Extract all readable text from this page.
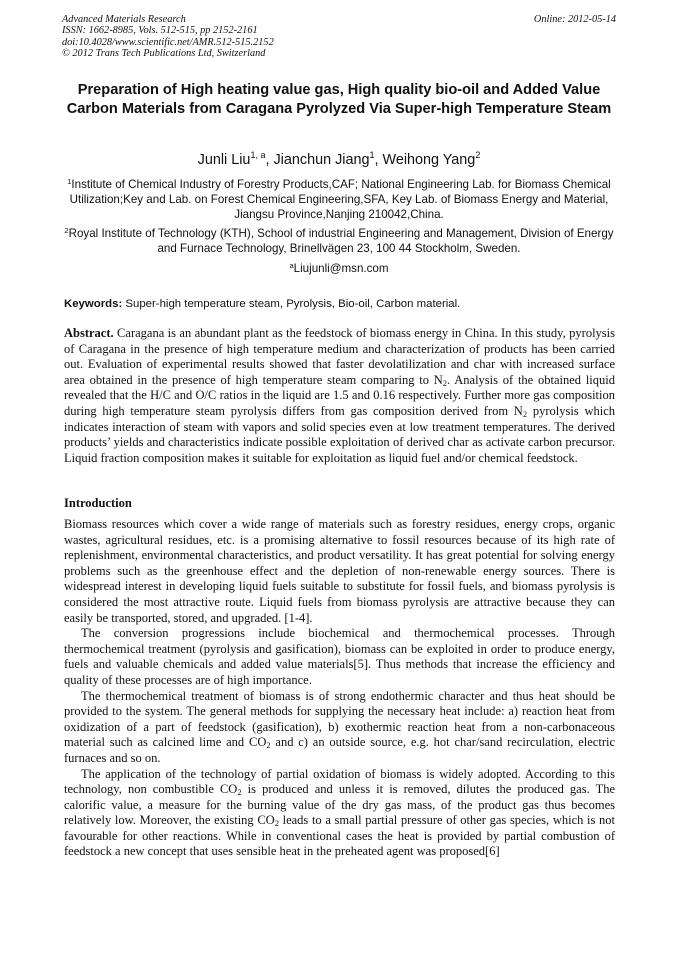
Advanced Materials Research
ISSN: 1662-8985, Vols. 512-515, pp 2152-2161
doi:10.4028/www.scientific.net/AMR.512-515.2152
© 2012 Trans Tech Publications Ltd, Switzerland
Online: 2012-05-14
Preparation of High heating value gas, High quality bio-oil and Added Value Carbon Materials from Caragana Pyrolyzed Via Super-high Temperature Steam
Junli Liu$^{1, a}$, Jianchun Jiang$^1$, Weihong Yang$^2$
$^1$Institute of Chemical Industry of Forestry Products,CAF; National Engineering Lab. for Biomass Chemical Utilization;Key and Lab. on Forest Chemical Engineering,SFA, Key Lab. of Biomass Energy and Material, Jiangsu Province,Nanjing 210042,China.
$^2$Royal Institute of Technology (KTH), School of industrial Engineering and Management, Division of Energy and Furnace Technology, Brinellvägen 23, 100 44 Stockholm, Sweden.
$^a$Liujunli@msn.com
Keywords: Super-high temperature steam, Pyrolysis, Bio-oil, Carbon material.
Abstract. Caragana is an abundant plant as the feedstock of biomass energy in China. In this study, pyrolysis of Caragana in the presence of high temperature medium and characterization of products has been carried out. Evaluation of experimental results showed that faster devolatilization and char with increased surface area obtained in the presence of high temperature steam comparing to $N_2$. Analysis of the obtained liquid revealed that the H/C and O/C ratios in the liquid are 1.5 and 0.16 respectively. Further more gas composition during high temperature steam pyrolysis differs from gas composition derived from $N_2$ pyrolysis which indicates interaction of steam with vapors and solid species even at low treatment temperatures. The derived products’ yields and characteristics indicate possible exploitation of derived char as activate carbon precursor. Liquid fraction composition makes it suitable for exploitation as liquid fuel and/or chemical feedstock.
Introduction

Biomass resources which cover a wide range of materials such as forestry residues, energy crops, organic wastes, agricultural residues, etc. is a promising alternative to fossil resources because of its high rate of replenishment, environmental characteristics, and product versatility. It has great potential for solving energy problems such as the greenhouse effect and the depletion of non-renewable energy sources. There is widespread interest in developing liquid fuels suitable to substitute for fossil fuels, and biomass pyrolysis is considered the most attractive route. Liquid fuels from biomass pyrolysis are attractive because they can easily be transported, stored, and upgraded. [1-4].

The conversion progressions include biochemical and thermochemical processes. Through thermochemical treatment (pyrolysis and gasification), biomass can be exploited in order to produce energy, fuels and valuable chemicals and added value materials[5]. Thus methods that increase the efficiency and quality of these processes are of high importance.

The thermochemical treatment of biomass is of strong endothermic character and thus heat should be provided to the system. The general methods for supplying the necessary heat include: a) reaction heat from oxidization of a part of feedstock (gasification), b) exothermic reaction heat from a non-carbonaceous material such as calcined lime and $CO_2$ and c) an outside source, e.g. hot char/sand recirculation, electric furnaces and so on.

The application of the technology of partial oxidation of biomass is widely adopted. According to this technology, non combustible $CO_2$ is produced and unless it is removed, dilutes the produced gas. The calorific value, a measure for the burning value of the dry gas mass, of the product gas thus becomes relatively low. Moreover, the existing $CO_2$ leads to a small partial pressure of other gas species, which is not favourable for other reactions. While in conventional cases the heat is provided by partial combustion of feedstock a new concept that uses sensible heat in the preheated agent was proposed[6]
